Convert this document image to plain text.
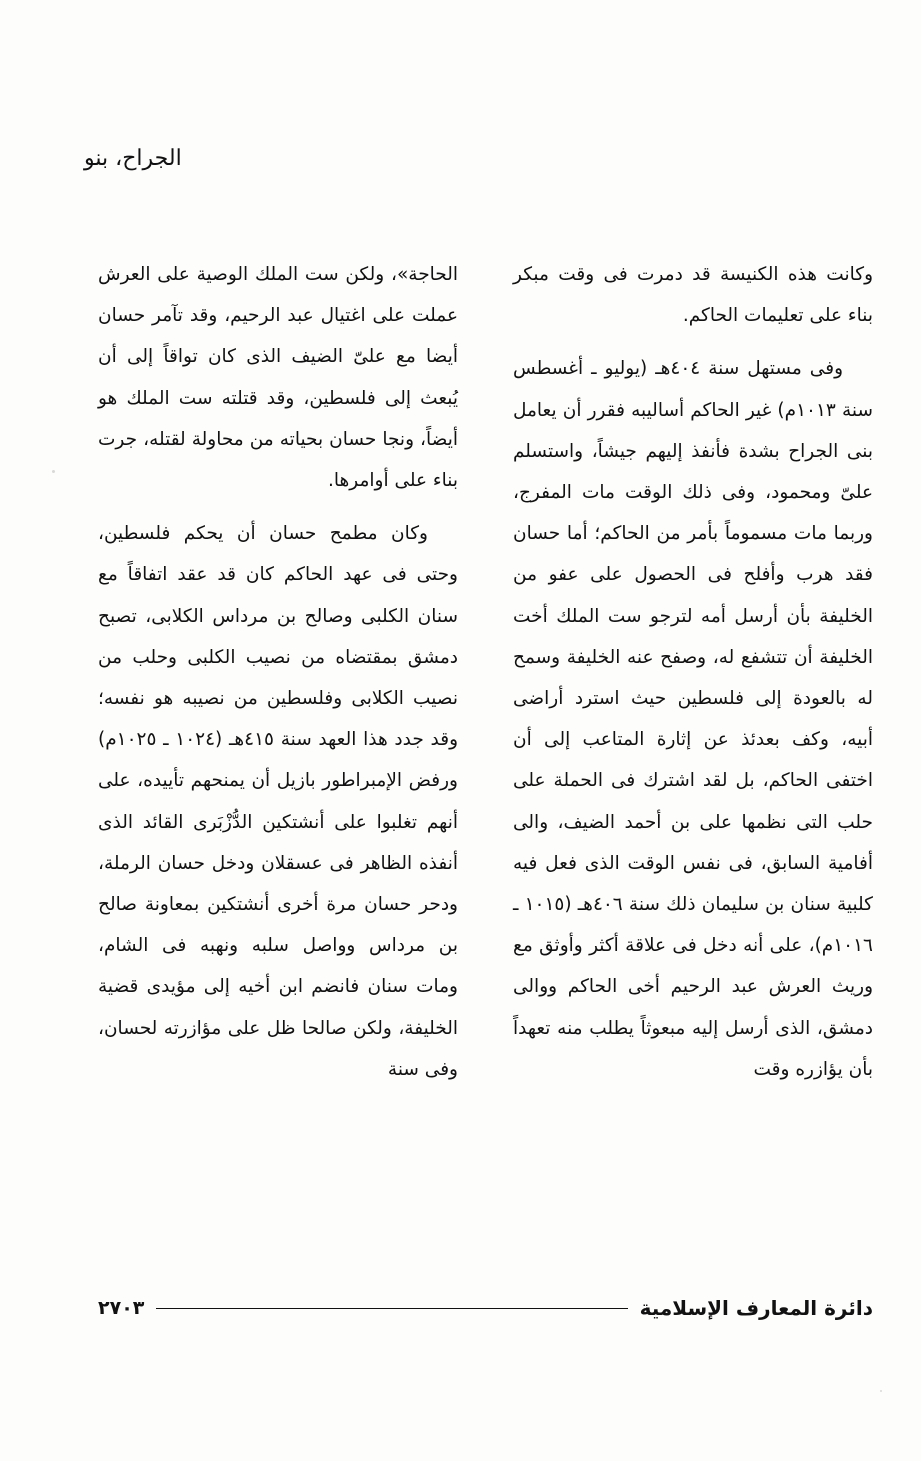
الجراح، بنو

وكانت هذه الكنيسة قد دمرت فى وقت مبكر بناء على تعليمات الحاكم.

وفى مستهل سنة ٤٠٤هـ (يوليو ـ أغسطس سنة ١٠١٣م) غير الحاكم أساليبه فقرر أن يعامل بنى الجراح بشدة فأنفذ إليهم جيشاً، واستسلم علىّ ومحمود، وفى ذلك الوقت مات المفرج، وربما مات مسموماً بأمر من الحاكم؛ أما حسان فقد هرب وأفلح فى الحصول على عفو من الخليفة بأن أرسل أمه لترجو ست الملك أخت الخليفة أن تتشفع له، وصفح عنه الخليفة وسمح له بالعودة إلى فلسطين حيث استرد أراضى أبيه، وكف بعدئذ عن إثارة المتاعب إلى أن اختفى الحاكم، بل لقد اشترك فى الحملة على حلب التى نظمها على بن أحمد الضيف، والى أفامية السابق، فى نفس الوقت الذى فعل فيه كلبية سنان بن سليمان ذلك سنة ٤٠٦هـ (١٠١٥ ـ ١٠١٦م)، على أنه دخل فى علاقة أكثر وأوثق مع وريث العرش عبد الرحيم أخى الحاكم ووالى دمشق، الذى أرسل إليه مبعوثاً يطلب منه تعهداً بأن يؤازره وقت

الحاجة»، ولكن ست الملك الوصية على العرش عملت على اغتيال عبد الرحيم، وقد تآمر حسان أيضا مع علىّ الضيف الذى كان تواقاً إلى أن يُبعث إلى فلسطين، وقد قتلته ست الملك هو أيضاً، ونجا حسان بحياته من محاولة لقتله، جرت بناء على أوامرها.

وكان مطمح حسان أن يحكم فلسطين، وحتى فى عهد الحاكم كان قد عقد اتفاقاً مع سنان الكلبى وصالح بن مرداس الكلابى، تصبح دمشق بمقتضاه من نصيب الكلبى وحلب من نصيب الكلابى وفلسطين من نصيبه هو نفسه؛ وقد جدد هذا العهد سنة ٤١٥هـ (١٠٢٤ ـ ١٠٢٥م) ورفض الإمبراطور بازيل أن يمنحهم تأييده، على أنهم تغلبوا على أنشتكين الدُّزْبَرى القائد الذى أنفذه الظاهر فى عسقلان ودخل حسان الرملة، ودحر حسان مرة أخرى أنشتكين بمعاونة صالح بن مرداس وواصل سلبه ونهبه فى الشام، ومات سنان فانضم ابن أخيه إلى مؤيدى قضية الخليفة، ولكن صالحا ظل على مؤازرته لحسان، وفى سنة

دائرة المعارف الإسلامية
٢٧٠٣
